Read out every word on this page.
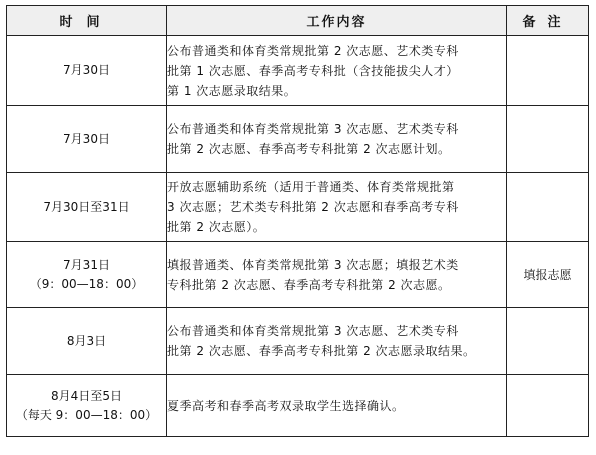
时间	工作内容	备注

7月30日	公布普通类和体育类常规批第 2 次志愿、艺术类专科
批第 1 次志愿、春季高考专科批（含技能拔尖人才）
第 1 次志愿录取结果。	

7月30日	公布普通类和体育类常规批第 3 次志愿、艺术类专科
批第 2 次志愿、春季高考专科批第 2 次志愿计划。	

7月30日至31日	开放志愿辅助系统（适用于普通类、体育类常规批第
3 次志愿；艺术类专科批第 2 次志愿和春季高考专科
批第 2 次志愿）。	

7月31日
（9：00—18：00）	填报普通类、体育类常规批第 3 次志愿；填报艺术类
专科批第 2 次志愿、春季高考专科批第 2 次志愿。	填报志愿

8月3日	公布普通类和体育类常规批第 3 次志愿、艺术类专科
批第 2 次志愿、春季高考专科批第 2 次志愿录取结果。	

8月4日至5日
（每天 9：00—18：00）	夏季高考和春季高考双录取学生选择确认。	
